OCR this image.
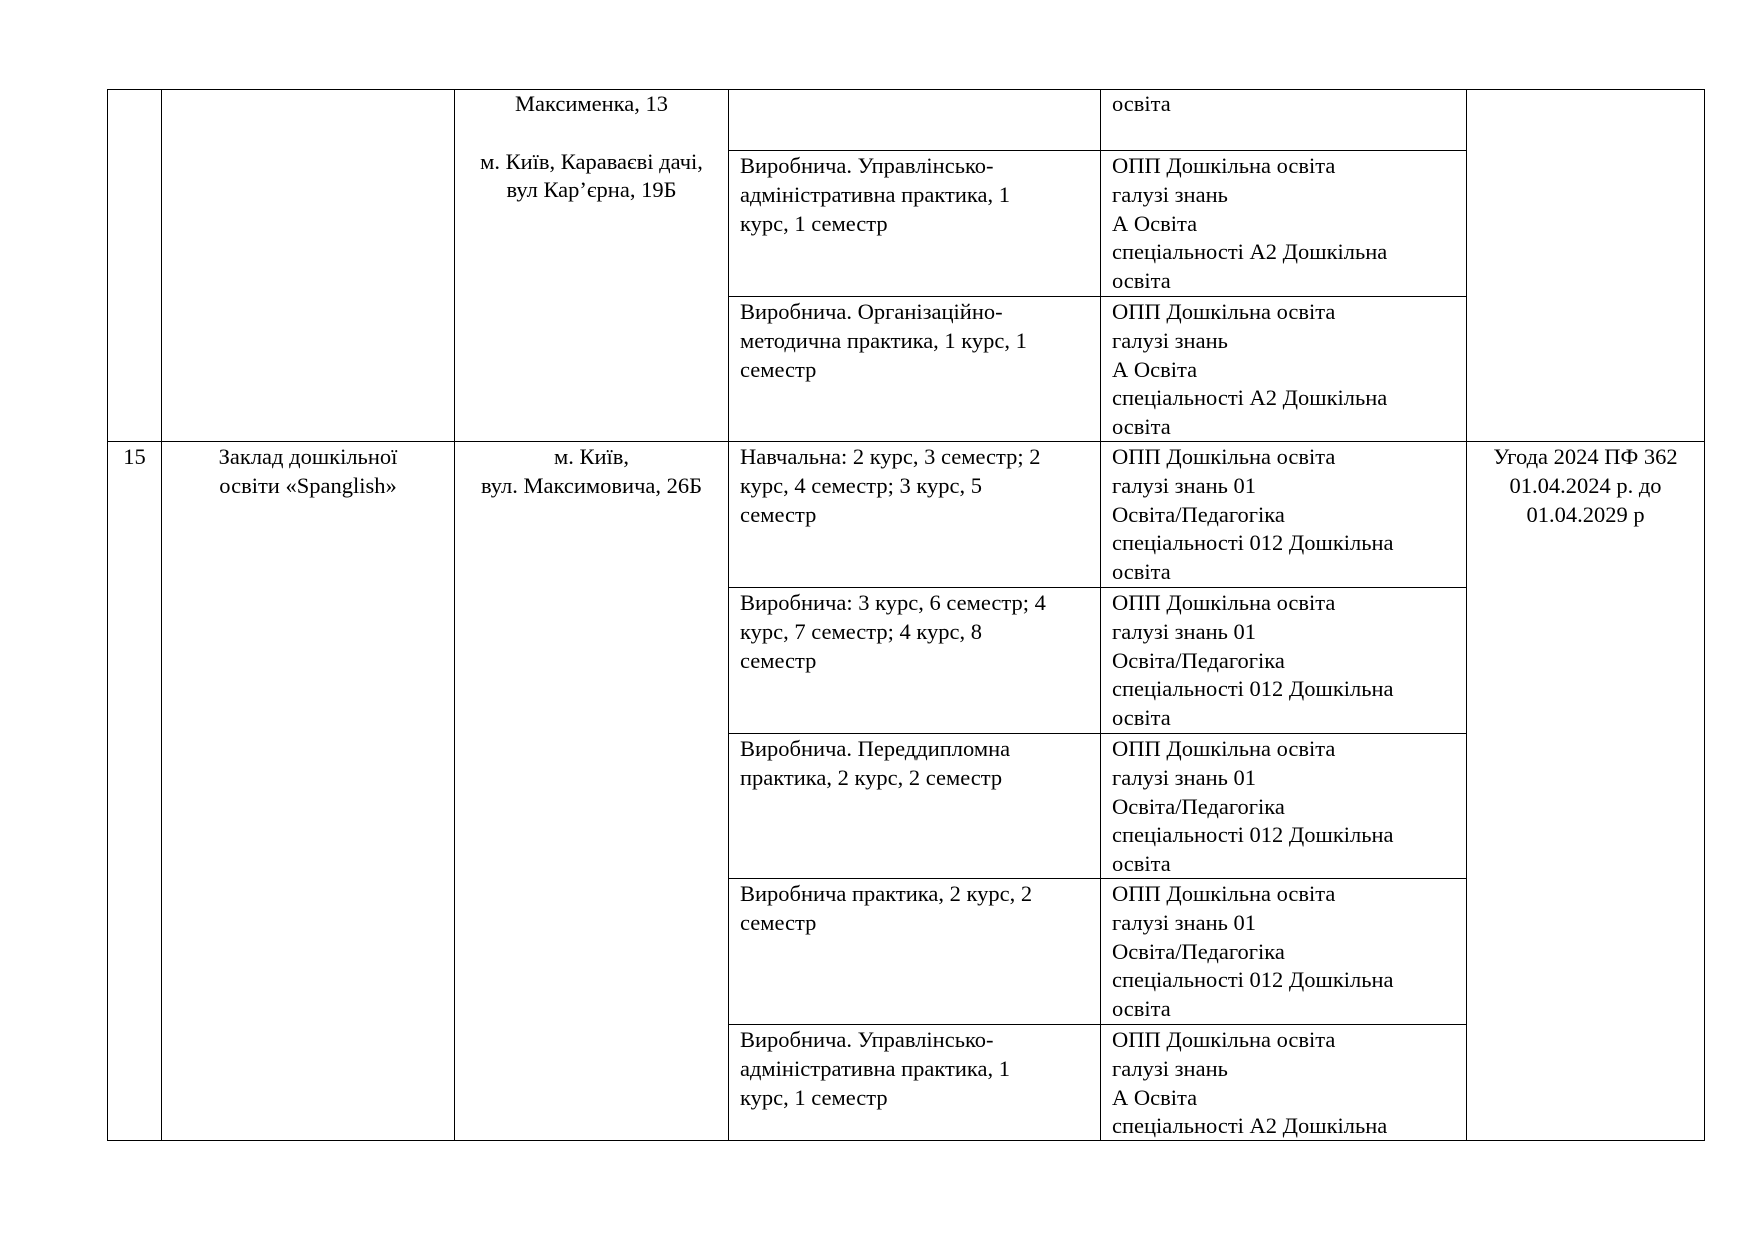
Максименка, 13

м. Київ, Караваєві дачі,
вул Кар’єрна, 19Б
освіта
Виробнича. Управлінсько-
адміністративна практика, 1
курс, 1 семестр
ОПП Дошкільна освіта
галузі знань
А Освіта
спеціальності А2 Дошкільна
освіта
Виробнича. Організаційно-
методична практика, 1 курс, 1
семестр
ОПП Дошкільна освіта
галузі знань
А Освіта
спеціальності А2 Дошкільна
освіта
15	Заклад дошкільної
освіти «Spanglish»
м. Київ,
вул. Максимовича, 26Б
Угода 2024 ПФ 362
01.04.2024 р. до
01.04.2029 р
Навчальна: 2 курс, 3 семестр; 2
курс, 4 семестр; 3 курс, 5
семестр
ОПП Дошкільна освіта
галузі знань 01
Освіта/Педагогіка
спеціальності 012 Дошкільна
освіта
Виробнича: 3 курс, 6 семестр; 4
курс, 7 семестр; 4 курс, 8
семестр
ОПП Дошкільна освіта
галузі знань 01
Освіта/Педагогіка
спеціальності 012 Дошкільна
освіта
Виробнича. Переддипломна
практика, 2 курс, 2 семестр
ОПП Дошкільна освіта
галузі знань 01
Освіта/Педагогіка
спеціальності 012 Дошкільна
освіта
Виробнича практика, 2 курс, 2
семестр
ОПП Дошкільна освіта
галузі знань 01
Освіта/Педагогіка
спеціальності 012 Дошкільна
освіта
Виробнича. Управлінсько-
адміністративна практика, 1
курс, 1 семестр
ОПП Дошкільна освіта
галузі знань
А Освіта
спеціальності А2 Дошкільна
